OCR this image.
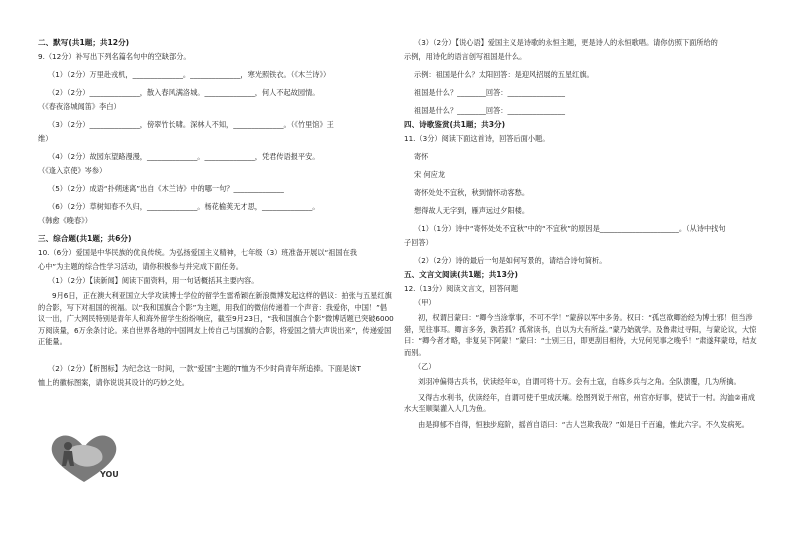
二、默写(共1题；共12分)
9.（12分）补写出下列名篇名句中的空缺部分。
（1）（2分）万里赴戎机，______________。______________，寒光照铁衣。（《木兰诗》）
（2）（2分）______________，散入春风满洛城。______________，何人不起故园情。
（《春夜洛城闻笛》李白）
（3）（2分）______________，傍翠竹长啸。深林人不知，______________。（《竹里馆》王
维）
（4）（2分）故园东望路漫漫，______________。______________，凭君传语报平安。
（《逢入京使》岑参）
（5）（2分）成语“扑朔迷离”出自《木兰诗》中的哪一句？______________
（6）（2分）草树知春不久归，______________。杨花榆荚无才思，______________。
（韩愈《晚春》）
三、综合题(共1题；共6分)
10.（6分）爱国是中华民族的优良传统。为弘扬爱国主义精神，七年级（3）班准备开展以“祖国在我
心中”为主题的综合性学习活动，请你积极参与并完成下面任务。
（1）（2分）【读新闻】阅读下面资料，用一句话概括其主要内容。
9月6日，正在澳大利亚国立大学攻读博士学位的留学生雷希颖在新浪微博发起这样的倡议：拍张与五星红旗的合影，写下对祖国的祝福。以“我和国旗合个影”为主题，用我们的微信传递着一个声音：我爱你，中国！”倡议一出，广大网民特别是青年人和海外留学生纷纷响应，截至9月23日，“我和国旗合个影”微博话题已突破6000万阅读量，6万余条讨论。来自世界各地的中国网友上传自己与国旗的合影，将爱国之情大声说出来”，传递爱国正能量。
（2）（2分）【析图标】为纪念这一时间，一款“爱国”主题的T恤为不少时尚青年所追捧。下面是该T
恤上的徽标图案，请你说说其设计的巧妙之处。
YOU
（3）（2分）【说心语】爱国主义是诗歌的永恒主题，更是诗人的永恒歌唱。请你仿照下面所给的
示例，用诗化的语言创写祖国是什么。
示例：祖国是什么？太阳回答：是迎风招展的五星红旗。
祖国是什么？________回答：________________
祖国是什么？________回答：________________
四、诗歌鉴赏(共1题；共3分)
11.（3分）阅读下面这首诗，回答后面小题。
寄怀
宋 何应龙
寄怀处处不宜秋，秋到情怀动客愁。
想得故人无字到，雁声远过夕阳楼。
（1）（1分）诗中“寄怀处处不宜秋”中的“不宜秋”的原因是______________________。（从诗中找句
子回答）
（2）（2分）诗的最后一句是如何写景的，请结合诗句简析。
五、文言文阅读(共1题；共13分)
12.（13分）阅读文言文，回答问题
（甲）
初，权谓吕蒙曰：“卿今当涂掌事，不可不学！”蒙辞以军中多务。权曰：“孤岂欲卿治经为博士邪！但当涉猎，见往事耳。卿言多务，孰若孤？孤常读书，自以为大有所益。”蒙乃始就学。及鲁肃过寻阳，与蒙论议，大惊曰：“卿今者才略，非复吴下阿蒙！”蒙曰：“士别三日，即更刮目相待，大兄何见事之晚乎！”肃遂拜蒙母，结友而别。
（乙）
刘羽冲偏得古兵书，伏读经年①，自谓可将十万。会有土寇，自练乡兵与之角。全队溃覆，几为所擒。
又得古水利书，伏读经年，自谓可使千里成沃壤。绘图列说于州官，州官亦好事，使试于一村。沟洫②甫成水大至顺渠灌入人几为鱼。
由是抑郁不自得，恒独步庭阶，摇首自语曰：“古人岂欺我哉？”如是日千百遍，惟此六字。不久发病死。
